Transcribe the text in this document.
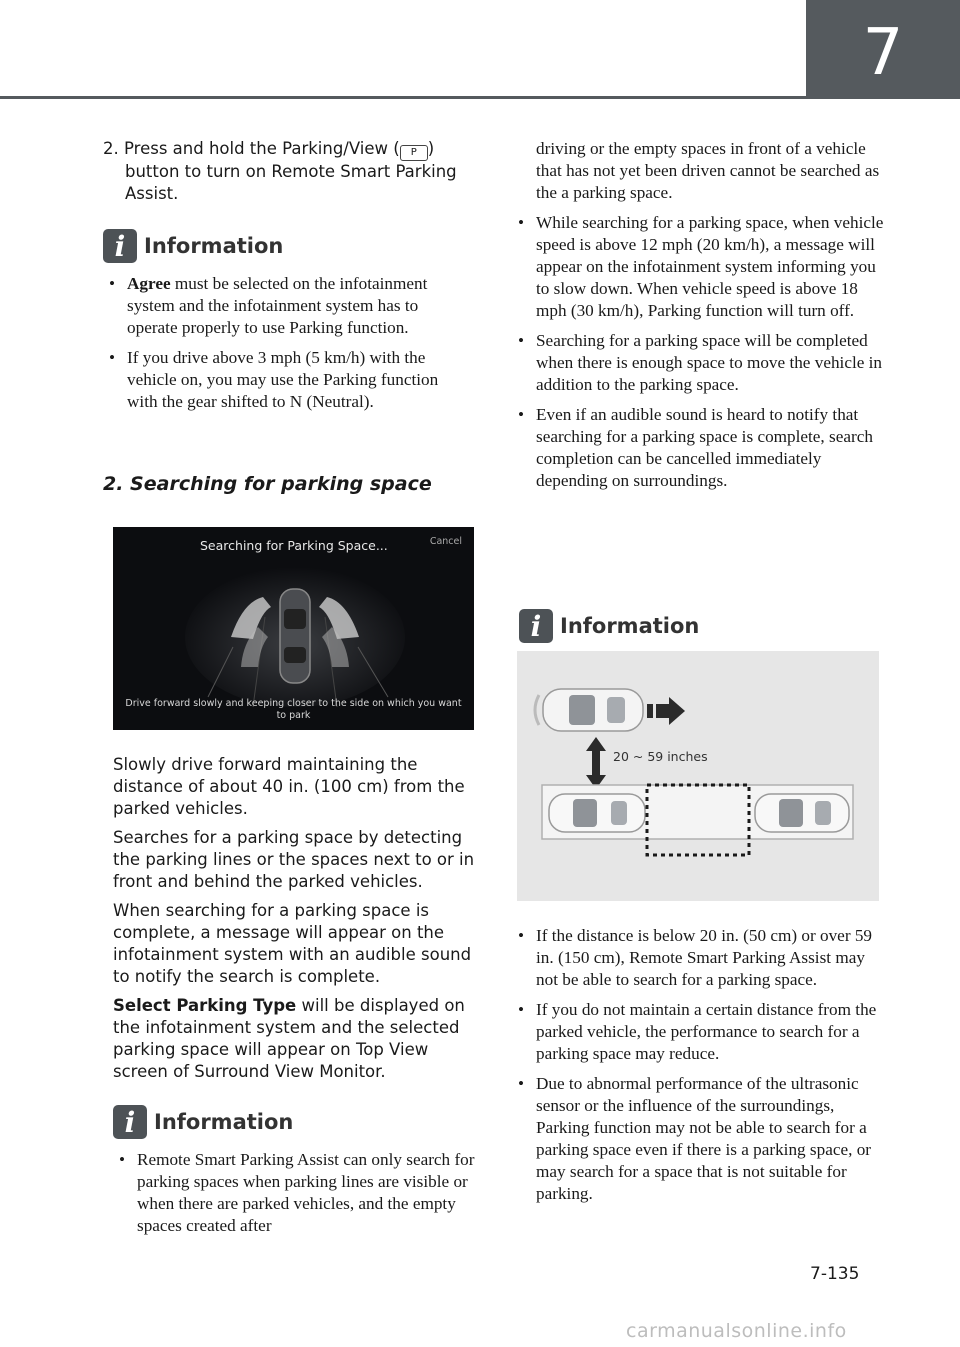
7

2. Press and hold the Parking/View ( P ) button to turn on Remote Smart Parking Assist.

i Information
• Agree must be selected on the infotainment system and the infotainment system has to operate properly to use Parking function.
• If you drive above 3 mph (5 km/h) with the vehicle on, you may use the Parking function with the gear shifted to N (Neutral).

2. Searching for parking space

Searching for Parking Space...	Cancel
Drive forward slowly and keeping closer to the side on which you want to park

Slowly drive forward maintaining the distance of about 40 in. (100 cm) from the parked vehicles.

Searches for a parking space by detecting the parking lines or the spaces next to or in front and behind the parked vehicles.

When searching for a parking space is complete, a message will appear on the infotainment system with an audible sound to notify the search is complete.

Select Parking Type will be displayed on the infotainment system and the selected parking space will appear on Top View screen of Surround View Monitor.

i Information
• Remote Smart Parking Assist can only search for parking spaces when parking lines are visible or when there are parked vehicles, and the empty spaces created after
driving or the empty spaces in front of a vehicle that has not yet been driven cannot be searched as the a parking space.
• While searching for a parking space, when vehicle speed is above 12 mph (20 km/h), a message will appear on the infotainment system informing you to slow down. When vehicle speed is above 18 mph (30 km/h), Parking function will turn off.
• Searching for a parking space will be completed when there is enough space to move the vehicle in addition to the parking space.
• Even if an audible sound is heard to notify that searching for a parking space is complete, search completion can be cancelled immediately depending on surroundings.
i Information
20 ~ 59 inches
• If the distance is below 20 in. (50 cm) or over 59 in. (150 cm), Remote Smart Parking Assist may not be able to search for a parking space.
• If you do not maintain a certain distance from the parked vehicle, the performance to search for a parking space may reduce.
• Due to abnormal performance of the ultrasonic sensor or the influence of the surroundings, Parking function may not be able to search for a parking space even if there is a parking space, or may search for a space that is not suitable for parking.
7-135
carmanualsonline.info
